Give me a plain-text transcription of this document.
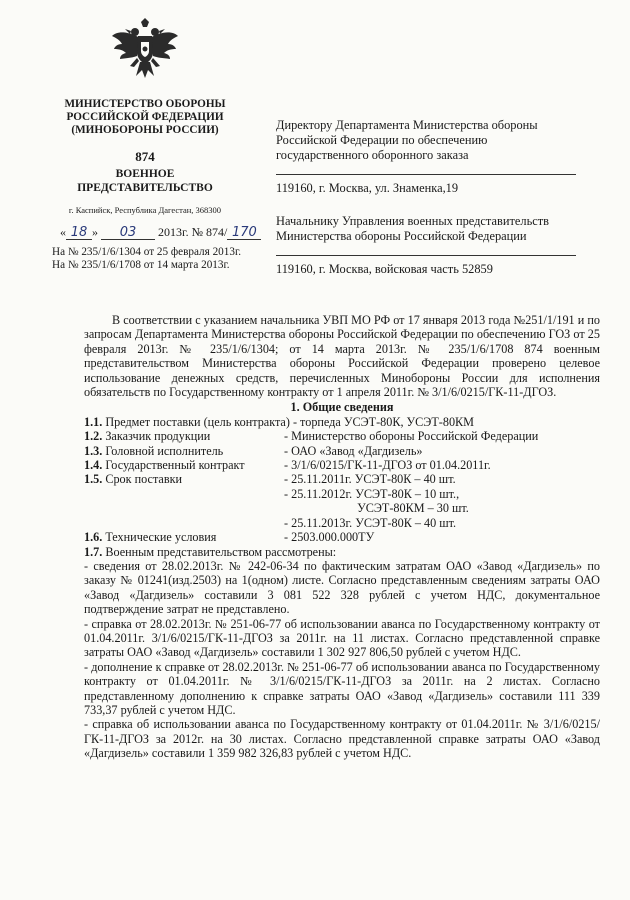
МИНИСТЕРСТВО ОБОРОНЫ
РОССИЙСКОЙ ФЕДЕРАЦИИ
(МИНОБОРОНЫ РОССИИ)
874
ВОЕННОЕ
ПРЕДСТАВИТЕЛЬСТВО
г. Каспийск, Республика Дагестан, 368300
« 18 » 03 2013г. № 874/ 170
На № 235/1/6/1304 от 25 февраля 2013г.
На № 235/1/6/1708 от 14 марта 2013г.
Директору Департамента Министерства обороны
Российской Федерации по обеспечению
государственного оборонного заказа
119160, г. Москва, ул. Знаменка,19
Начальнику Управления военных представительств
Министерства обороны Российской Федерации
119160, г. Москва, войсковая часть 52859

В соответствии с указанием начальника УВП МО РФ от 17 января 2013 года №251/1/191 и по запросам Департамента Министерства обороны Российской Федерации по обеспечению ГОЗ от 25 февраля 2013г. № 235/1/6/1304; от 14 марта 2013г. № 235/1/6/1708 874 военным представительством Министерства обороны Российской Федерации проверено целевое использование денежных средств, перечисленных Минобороны России для исполнения обязательств по Государственному контракту от 1 апреля 2011г. № 3/1/6/0215/ГК-11-ДГОЗ.

1. Общие сведения
1.1. Предмет поставки (цель контракта) - торпеда УСЭТ-80К, УСЭТ-80КМ
1.2. Заказчик продукции	- Министерство обороны Российской Федерации
1.3. Головной исполнитель	- ОАО «Завод «Дагдизель»
1.4. Государственный контракт	- 3/1/6/0215/ГК-11-ДГОЗ от 01.04.2011г.
1.5. Срок поставки	- 25.11.2011г. УСЭТ-80К – 40 шт.
- 25.11.2012г. УСЭТ-80К – 10 шт.,
УСЭТ-80КМ – 30 шт.
- 25.11.2013г. УСЭТ-80К – 40 шт.
1.6. Технические условия	- 2503.000.000ТУ
1.7. Военным представительством рассмотрены:

- сведения от 28.02.2013г. № 242-06-34 по фактическим затратам ОАО «Завод «Дагдизель» по заказу № 01241(изд.2503) на 1(одном) листе. Согласно представленным сведениям затраты ОАО «Завод «Дагдизель» составили 3 081 522 328 рублей с учетом НДС, документальное подтверждение затрат не представлено.

- справка от 28.02.2013г. № 251-06-77 об использовании аванса по Государственному контракту от 01.04.2011г. 3/1/6/0215/ГК-11-ДГОЗ за 2011г. на 11 листах. Согласно представленной справке затраты ОАО «Завод «Дагдизель» составили 1 302 927 806,50 рублей с учетом НДС.

- дополнение к справке от 28.02.2013г. № 251-06-77 об использовании аванса по Государственному контракту от 01.04.2011г. № 3/1/6/0215/ГК-11-ДГОЗ за 2011г. на 2 листах. Согласно представленному дополнению к справке затраты ОАО «Завод «Дагдизель» составили 111 339 733,37 рублей с учетом НДС.

- справка об использовании аванса по Государственному контракту от 01.04.2011г. № 3/1/6/0215/ГК-11-ДГОЗ за 2012г. на 30 листах. Согласно представленной справке затраты ОАО «Завод «Дагдизель» составили 1 359 982 326,83 рублей с учетом НДС.
